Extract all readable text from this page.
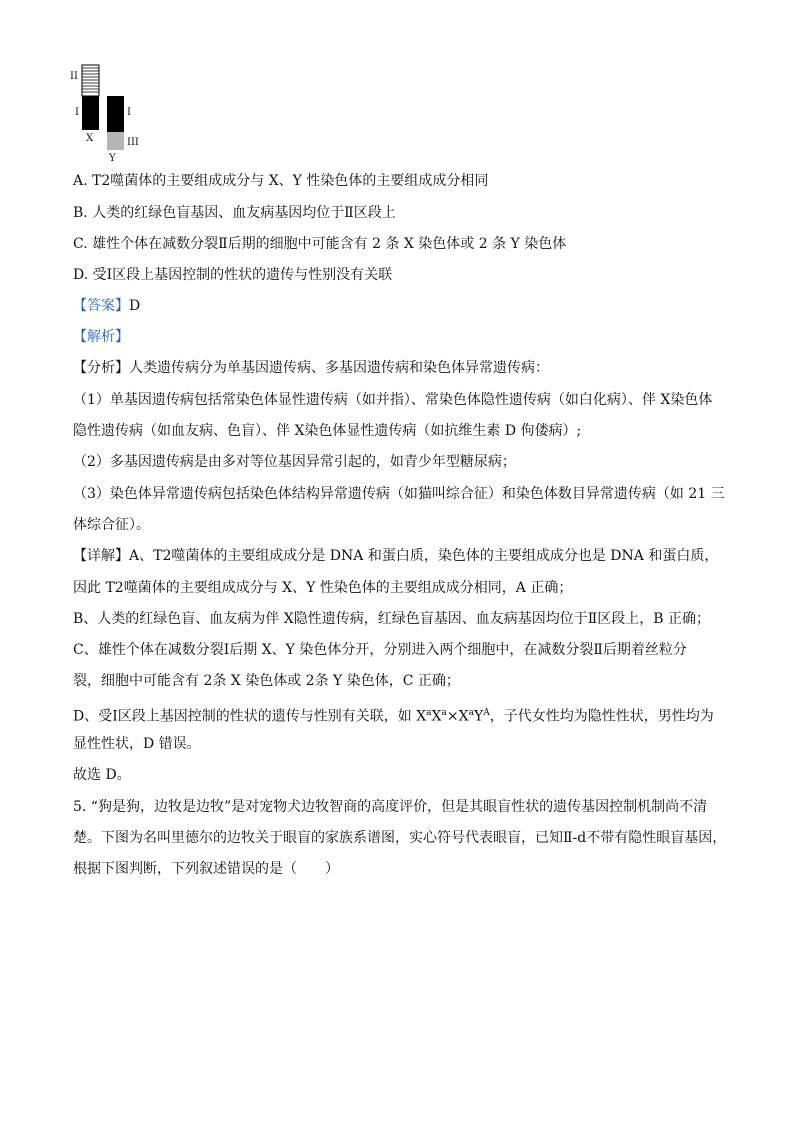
II
I
X
I
III
Y
A. T2噬菌体的主要组成成分与 X、Y 性染色体的主要组成成分相同
B. 人类的红绿色盲基因、血友病基因均位于Ⅱ区段上
C. 雄性个体在减数分裂Ⅱ后期的细胞中可能含有 2 条 X 染色体或 2 条 Y 染色体
D. 受Ⅰ区段上基因控制的性状的遗传与性别没有关联
【答案】D
【解析】
【分析】人类遗传病分为单基因遗传病、多基因遗传病和染色体异常遗传病：
（1）单基因遗传病包括常染色体显性遗传病（如并指）、常染色体隐性遗传病（如白化病）、伴 X染色体
隐性遗传病（如血友病、色盲）、伴 X染色体显性遗传病（如抗维生素 D 佝偻病）;
（2）多基因遗传病是由多对等位基因异常引起的，如青少年型糖尿病；
（3）染色体异常遗传病包括染色体结构异常遗传病（如猫叫综合征）和染色体数目异常遗传病（如 21 三
体综合征）。
【详解】A、T2噬菌体的主要组成成分是 DNA 和蛋白质，染色体的主要组成成分也是 DNA 和蛋白质，
因此 T2噬菌体的主要组成成分与 X、Y 性染色体的主要组成成分相同，A 正确；
B、人类的红绿色盲、血友病为伴 X隐性遗传病，红绿色盲基因、血友病基因均位于Ⅱ区段上，B 正确；
C、雄性个体在减数分裂Ⅰ后期 X、Y 染色体分开，分别进入两个细胞中，在减数分裂Ⅱ后期着丝粒分
裂，细胞中可能含有 2条 X 染色体或 2条 Y 染色体，C 正确；
D、受Ⅰ区段上基因控制的性状的遗传与性别有关联，如 $X^aX^a\times X^aY^A$，子代女性均为隐性性状，男性均为
显性性状，D 错误。
故选 D。
5. “狗是狗，边牧是边牧”是对宠物犬边牧智商的高度评价，但是其眼盲性状的遗传基因控制机制尚不清
楚。下图为名叫里德尔的边牧关于眼盲的家族系谱图，实心符号代表眼盲，已知Ⅱ-d不带有隐性眼盲基因，
根据下图判断，下列叙述错误的是（　　）
